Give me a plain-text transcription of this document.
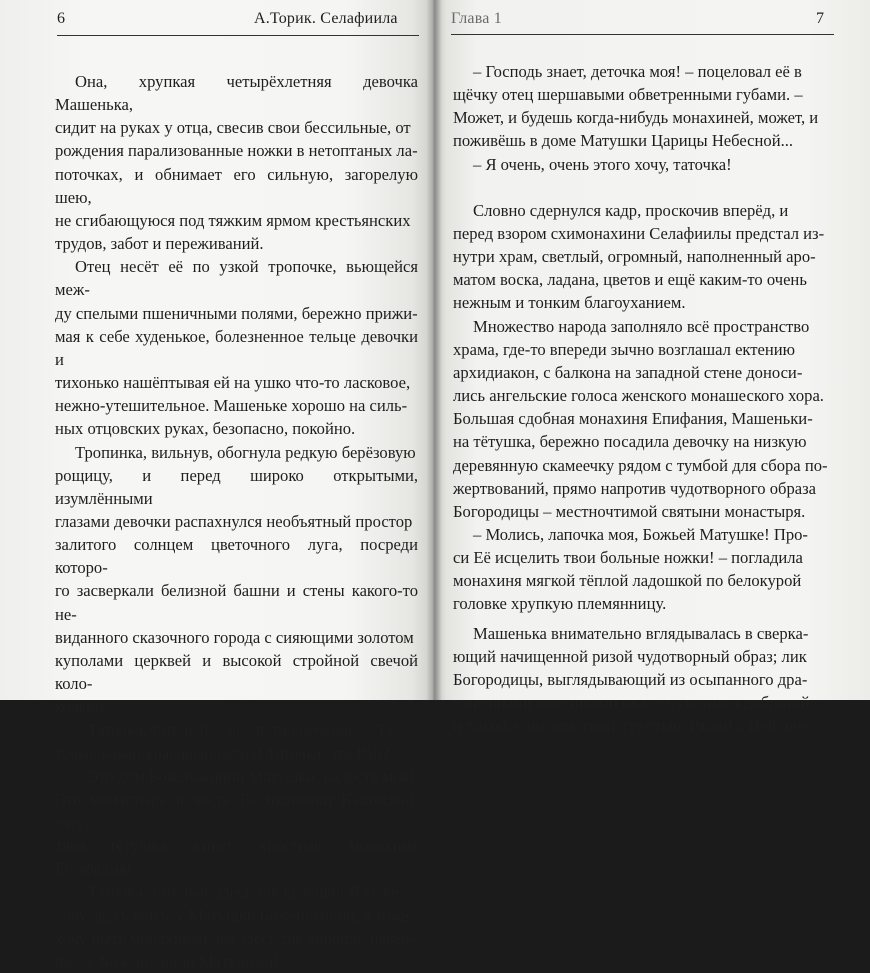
6	А.Торик. Селафиила

Она, хрупкая четырёхлетняя девочка Машенька,
сидит на руках у отца, свесив свои бессильные, от
рождения парализованные ножки в нетоптаных ла-
поточках, и обнимает его сильную, загорелую шею,
не сгибающуюся под тяжким ярмом крестьянских
трудов, забот и переживаний.

Отец несёт её по узкой тропочке, вьющейся меж-
ду спелыми пшеничными полями, бережно прижи-
мая к себе худенькое, болезненное тельце девочки и
тихонько нашёптывая ей на ушко что-то ласковое,
нежно-утешительное. Машеньке хорошо на силь-
ных отцовских руках, безопасно, покойно.

Тропинка, вильнув, обогнула редкую берёзовую
рощицу, и перед широко открытыми, изумлёнными
глазами девочки распахнулся необъятный простор
залитого солнцем цветочного луга, посреди которо-
го засверкали белизной башни и стены какого-то не-
виданного сказочного города с сияющими золотом
куполами церквей и высокой стройной свечой коло-
кольни.

– Таточка, таточка! – залепетал ребёнок. – Та-
точка, какой красивый город! Таточка, это Рай?

– Это дом Боженькиной Матушки, радость моя!
Это монастырь в честь Её иконочки Казанской, здесь
твоя тётушка живёт, крёстная, монахиня Епифания!

– Таточка, таточка! Здесь так красиво! Я тоже
хочу здесь жить, у Матушки Боженькиной, я тоже
хочу быть монахиней, им здесь так хорошо, навер-
ное, с Боженькиной Матушкой!

Глава 1	7

– Господь знает, деточка моя! – поцеловал её в
щёчку отец шершавыми обветренными губами. –
Может, и будешь когда-нибудь монахиней, может, и
поживёшь в доме Матушки Царицы Небесной...

– Я очень, очень этого хочу, таточка!

Словно сдернулся кадр, проскочив вперёд, и
перед взором схимонахини Селафиилы предстал из-
нутри храм, светлый, огромный, наполненный аро-
матом воска, ладана, цветов и ещё каким-то очень
нежным и тонким благоуханием.

Множество народа заполняло всё пространство
храма, где-то впереди зычно возглашал ектению
архидиакон, с балкона на западной стене доноси-
лись ангельские голоса женского монашеского хора.
Большая сдобная монахиня Епифания, Машеньки-
на тётушка, бережно посадила девочку на низкую
деревянную скамеечку рядом с тумбой для сбора по-
жертвований, прямо напротив чудотворного образа
Богородицы – местночтимой святыни монастыря.

– Молись, лапочка моя, Божьей Матушке! Про-
си Её исцелить твои больные ножки! – погладила
монахиня мягкой тёплой ладошкой по белокурой
головке хрупкую племянницу.

Машенька внимательно вглядывалась в сверка-
ющий начищенной ризой чудотворный образ; лик
Богородицы, выглядывающий из осыпанного дра-
гоценными камушками оклада, светился добротой
и тихой, едва заметной, грустью. Рядом с Ней, оче-
